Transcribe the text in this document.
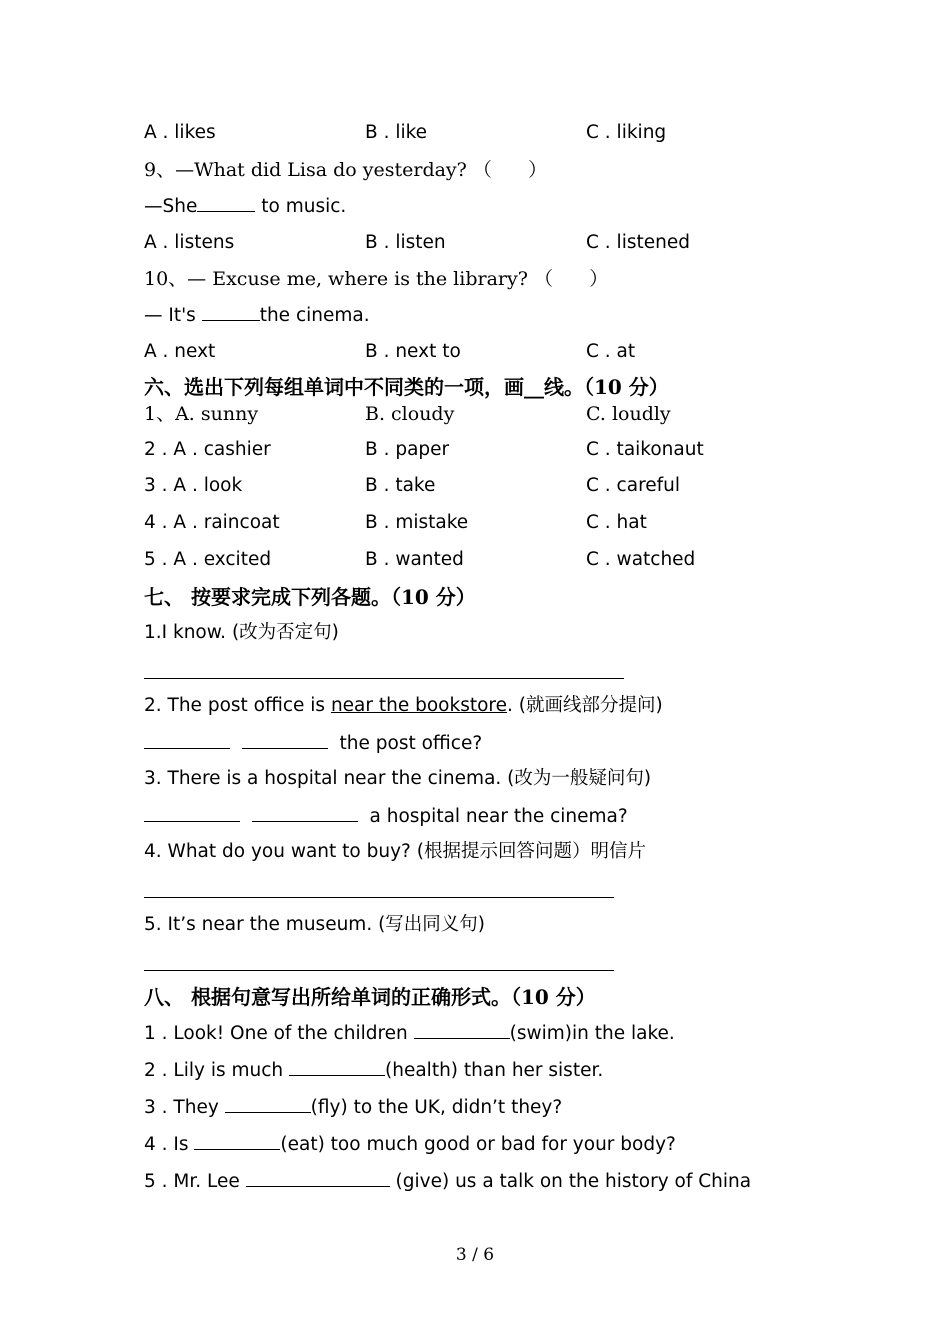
A . likes	B . like	C . liking
9、—What did Lisa do yesterday? （      ）
—She	to music.
A . listens	B . listen	C . listened
10、— Excuse me, where is the library? （      ）
— It's	the cinema.
A . next	B . next to	C . at
六、选出下列每组单词中不同类的一项，画__线。（10 分）
1、A. sunny	B. cloudy	C. loudly
2 . A . cashier	B . paper	C . taikonaut
3 . A . look	B . take	C . careful
4 . A . raincoat	B . mistake	C . hat
5 . A . excited	B . wanted	C . watched
七、 按要求完成下列各题。（10 分）
1.I know. (改为否定句)
2. The post office is near the bookstore. (就画线部分提问)
the post office?
3. There is a hospital near the cinema. (改为一般疑问句)
a hospital near the cinema?
4. What do you want to buy? (根据提示回答问题）明信片
5. It’s near the museum. (写出同义句)
八、 根据句意写出所给单词的正确形式。（10 分）
1 . Look! One of the children	(swim)in the lake.
2 . Lily is much	(health) than her sister.
3 . They	(fly) to the UK, didn’t they?
4 . Is	(eat) too much good or bad for your body?
5 . Mr. Lee	(give) us a talk on the history of China
3 / 6
